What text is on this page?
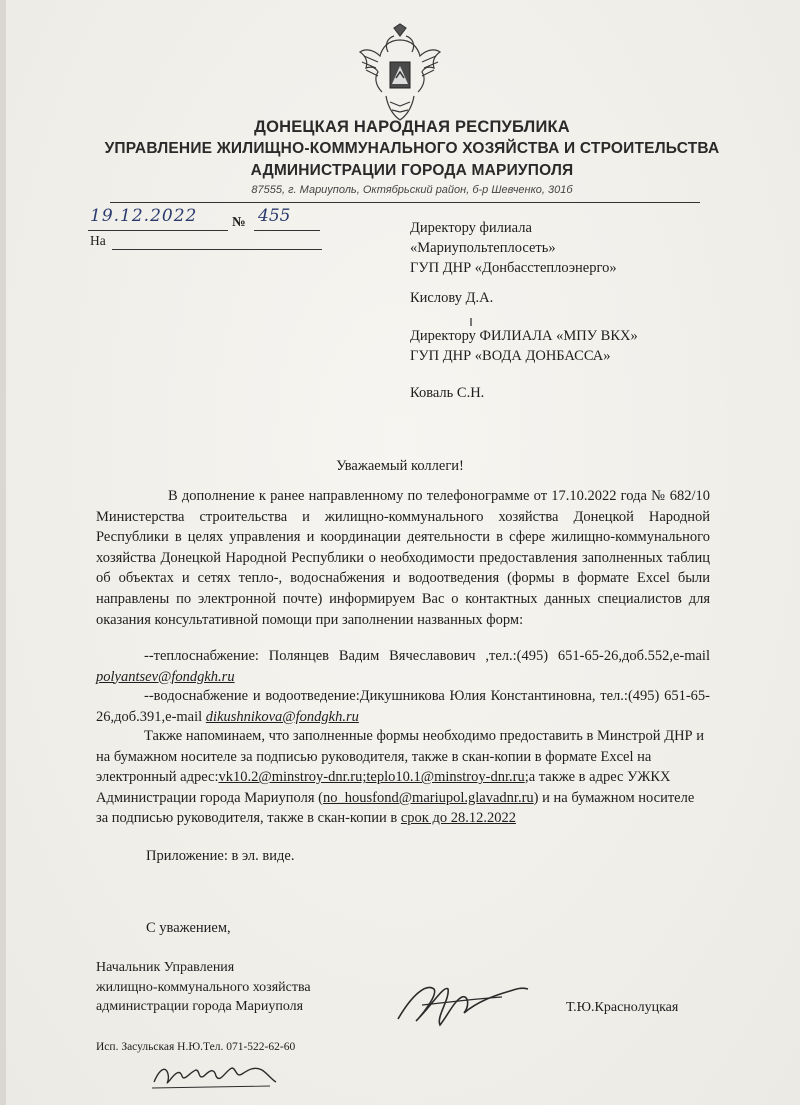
ДОНЕЦКАЯ НАРОДНАЯ РЕСПУБЛИКА
УПРАВЛЕНИЕ ЖИЛИЩНО-КОММУНАЛЬНОГО ХОЗЯЙСТВА И СТРОИТЕЛЬСТВА
АДМИНИСТРАЦИИ ГОРОДА МАРИУПОЛЯ
87555, г. Мариуполь, Октябрьский район, б-р Шевченко, 301б
19.12.2022	№ 455
На
Директору филиала
«Мариупольтеплосеть»
ГУП ДНР «Донбасстеплоэнерго»
Кислову Д.А.
Директору ФИЛИАЛА «МПУ ВКХ»
ГУП ДНР «ВОДА ДОНБАССА»
Коваль С.Н.
Уважаемый коллеги!
В дополнение к ранее направленному по телефонограмме от 17.10.2022 года № 682/10 Министерства строительства и жилищно-коммунального хозяйства Донецкой Народной Республики в целях управления и координации деятельности в сфере жилищно-коммунального хозяйства Донецкой Народной Республики о необходимости предоставления заполненных таблиц об объектах и сетях тепло-, водоснабжения и водоотведения (формы в формате Excel были направлены по электронной почте) информируем Вас о контактных данных специалистов для оказания консультативной помощи при заполнении названных форм:
--теплоснабжение: Полянцев Вадим Вячеславович ,тел.:(495) 651-65-26,доб.552,e-mail polyantsev@fondgkh.ru
--водоснабжение и водоотведение:Дикушникова Юлия Константиновна, тел.:(495) 651-65-26,доб.391,e-mail dikushnikova@fondgkh.ru
Также напоминаем, что заполненные формы необходимо предоставить в Минстрой ДНР и на бумажном носителе за подписью руководителя, также в скан-копии в формате Excel на электронный адрес:vk10.2@minstroy-dnr.ru;teplo10.1@minstroy-dnr.ru;а также в адрес УЖКХ Администрации города Мариуполя (no_housfond@mariupol.glavadnr.ru) и на бумажном носителе за подписью руководителя, также в скан-копии в срок до 28.12.2022
Приложение: в эл. виде.
С уважением,
Начальник Управления
жилищно-коммунального хозяйства
администрации города Мариуполя	Т.Ю.Краснолуцкая
Исп. Засульская Н.Ю.Тел. 071-522-62-60
